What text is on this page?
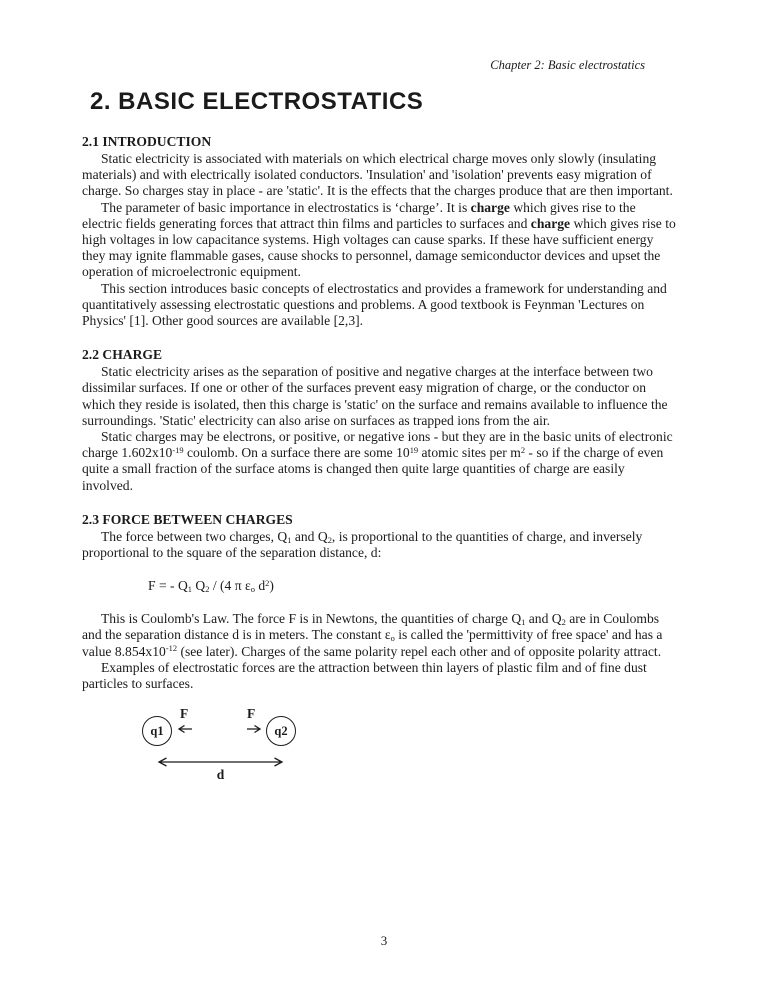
Chapter 2: Basic electrostatics
2. BASIC ELECTROSTATICS
2.1 INTRODUCTION

Static electricity is associated with materials on which electrical charge moves only slowly (insulating materials) and with electrically isolated conductors. 'Insulation' and 'isolation' prevents easy migration of charge. So charges stay in place - are 'static'. It is the effects that the charges produce that are then important.

The parameter of basic importance in electrostatics is ‘charge’. It is charge which gives rise to the electric fields generating forces that attract thin films and particles to surfaces and charge which gives rise to high voltages in low capacitance systems. High voltages can cause sparks. If these have sufficient energy they may ignite flammable gases, cause shocks to personnel, damage semiconductor devices and upset the operation of microelectronic equipment.

This section introduces basic concepts of electrostatics and provides a framework for understanding and quantitatively assessing electrostatic questions and problems. A good textbook is Feynman 'Lectures on Physics' [1]. Other good sources are available [2,3].

2.2 CHARGE

Static electricity arises as the separation of positive and negative charges at the interface between two dissimilar surfaces. If one or other of the surfaces prevent easy migration of charge, or the conductor on which they reside is isolated, then this charge is 'static' on the surface and remains available to influence the surroundings. 'Static' electricity can also arise on surfaces as trapped ions from the air.

Static charges may be electrons, or positive, or negative ions - but they are in the basic units of electronic charge $1.602x10^{-19}$ coulomb. On a surface there are some $10^{19}$ atomic sites per $m^2$ - so if the charge of even quite a small fraction of the surface atoms is changed then quite large quantities of charge are easily involved.

2.3 FORCE BETWEEN CHARGES

The force between two charges, $Q_1$ and $Q_2$, is proportional to the quantities of charge, and inversely proportional to the square of the separation distance, d:

F = - $Q_1$ $Q_2 / (4$ π $\varepsilon_o$ $d^2$)

This is Coulomb's Law. The force F is in Newtons, the quantities of charge $Q_1$ and $Q_2$ are in Coulombs and the separation distance d is in meters. The constant $\varepsilon_o$ is called the 'permittivity of free space' and has a value $8.854x10^{-12}$ (see later). Charges of the same polarity repel each other and of opposite polarity attract.

Examples of electrostatic forces are the attraction between thin layers of plastic film and of fine dust particles to surfaces.

q1
F	F
q2
d
3
